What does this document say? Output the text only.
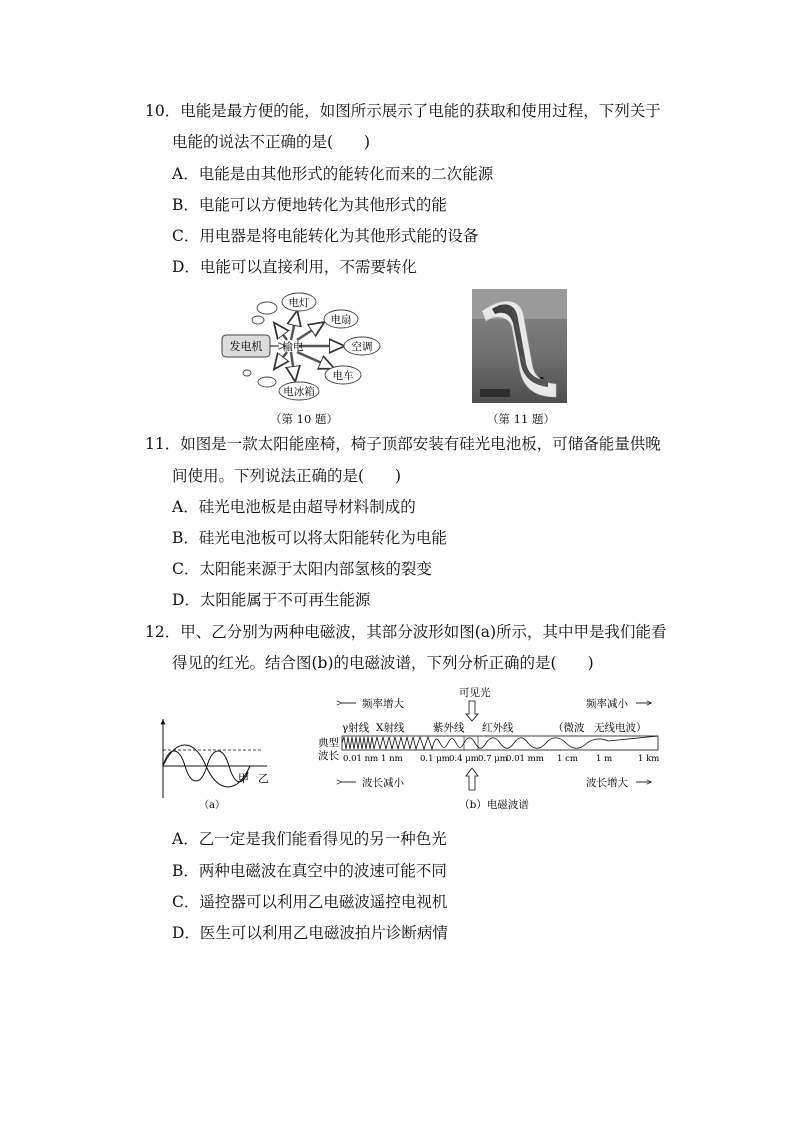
10．电能是最方便的能，如图所示展示了电能的获取和使用过程，下列关于
电能的说法不正确的是(　　)
A．电能是由其他形式的能转化而来的二次能源
B．电能可以方便地转化为其他形式的能
C．用电器是将电能转化为其他形式能的设备
D．电能可以直接利用，不需要转化
发电机 输电
电灯
电扇
空调
电车
电冰箱
（第 10 题）	（第 11 题）
11．如图是一款太阳能座椅，椅子顶部安装有硅光电池板，可储备能量供晚
间使用。下列说法正确的是(　　)
A．硅光电池板是由超导材料制成的
B．硅光电池板可以将太阳能转化为电能
C．太阳能来源于太阳内部氢核的裂变
D．太阳能属于不可再生能源
12．甲、乙分别为两种电磁波，其部分波形如图(a)所示，其中甲是我们能看
得见的红光。结合图(b)的电磁波谱，下列分析正确的是(　　)
甲 乙
（a）
频率增大
可见光
频率减小
γ射线 X射线	紫外线 红外线	（微波 无线电波）
典型
波长 0.01 nm 1 nm 0.1 μm 0.4 μm 0.7 μm
0.01 mm 1 cm 1 m	1 km
波长减小	波长增大
（b）电磁波谱
A．乙一定是我们能看得见的另一种色光
B．两种电磁波在真空中的波速可能不同
C．遥控器可以利用乙电磁波遥控电视机
D．医生可以利用乙电磁波拍片诊断病情
